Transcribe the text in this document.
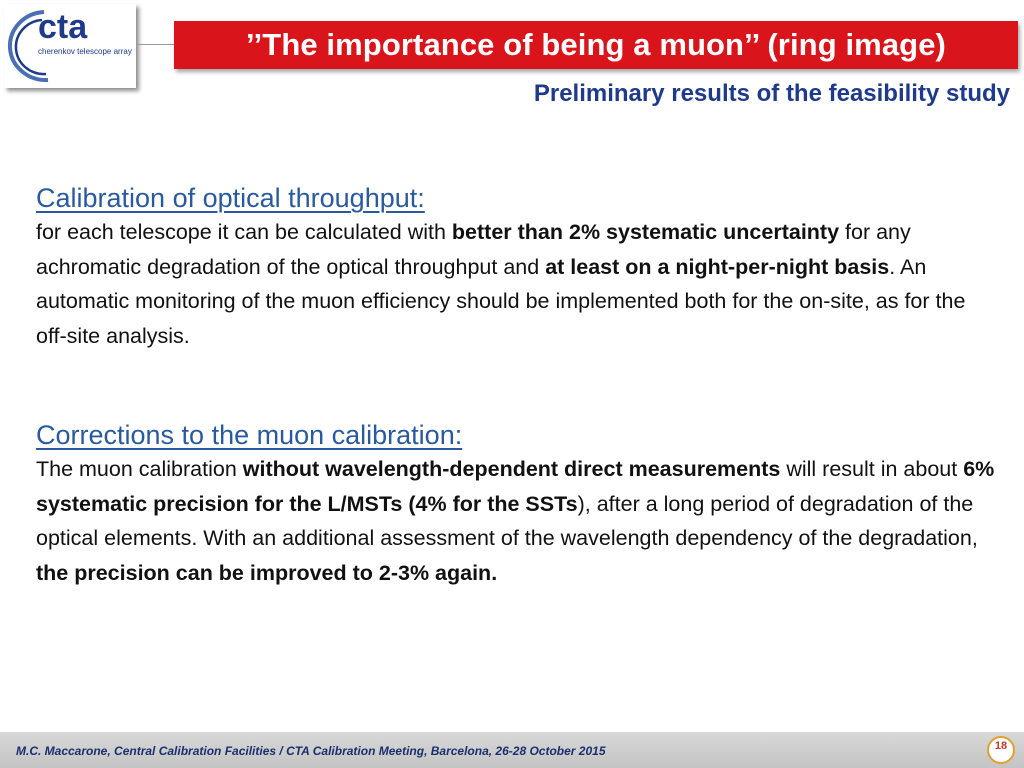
cta
cherenkov telescope array	’’The importance of being a muon’’ (ring image)
Preliminary results of the feasibility study
Calibration of optical throughput:

for each telescope it can be calculated with better than 2% systematic uncertainty for any achromatic degradation of the optical throughput and at least on a night-per-night basis. An automatic monitoring of the muon efficiency should be implemented both for the on-site, as for the off-site analysis.

Corrections to the muon calibration:

The muon calibration without wavelength-dependent direct measurements will result in about 6% systematic precision for the L/MSTs (4% for the SSTs), after a long period of degradation of the optical elements. With an additional assessment of the wavelength dependency of the degradation, the precision can be improved to 2-3% again.

M.C. Maccarone, Central Calibration Facilities / CTA Calibration Meeting, Barcelona, 26-28 October 2015	18
